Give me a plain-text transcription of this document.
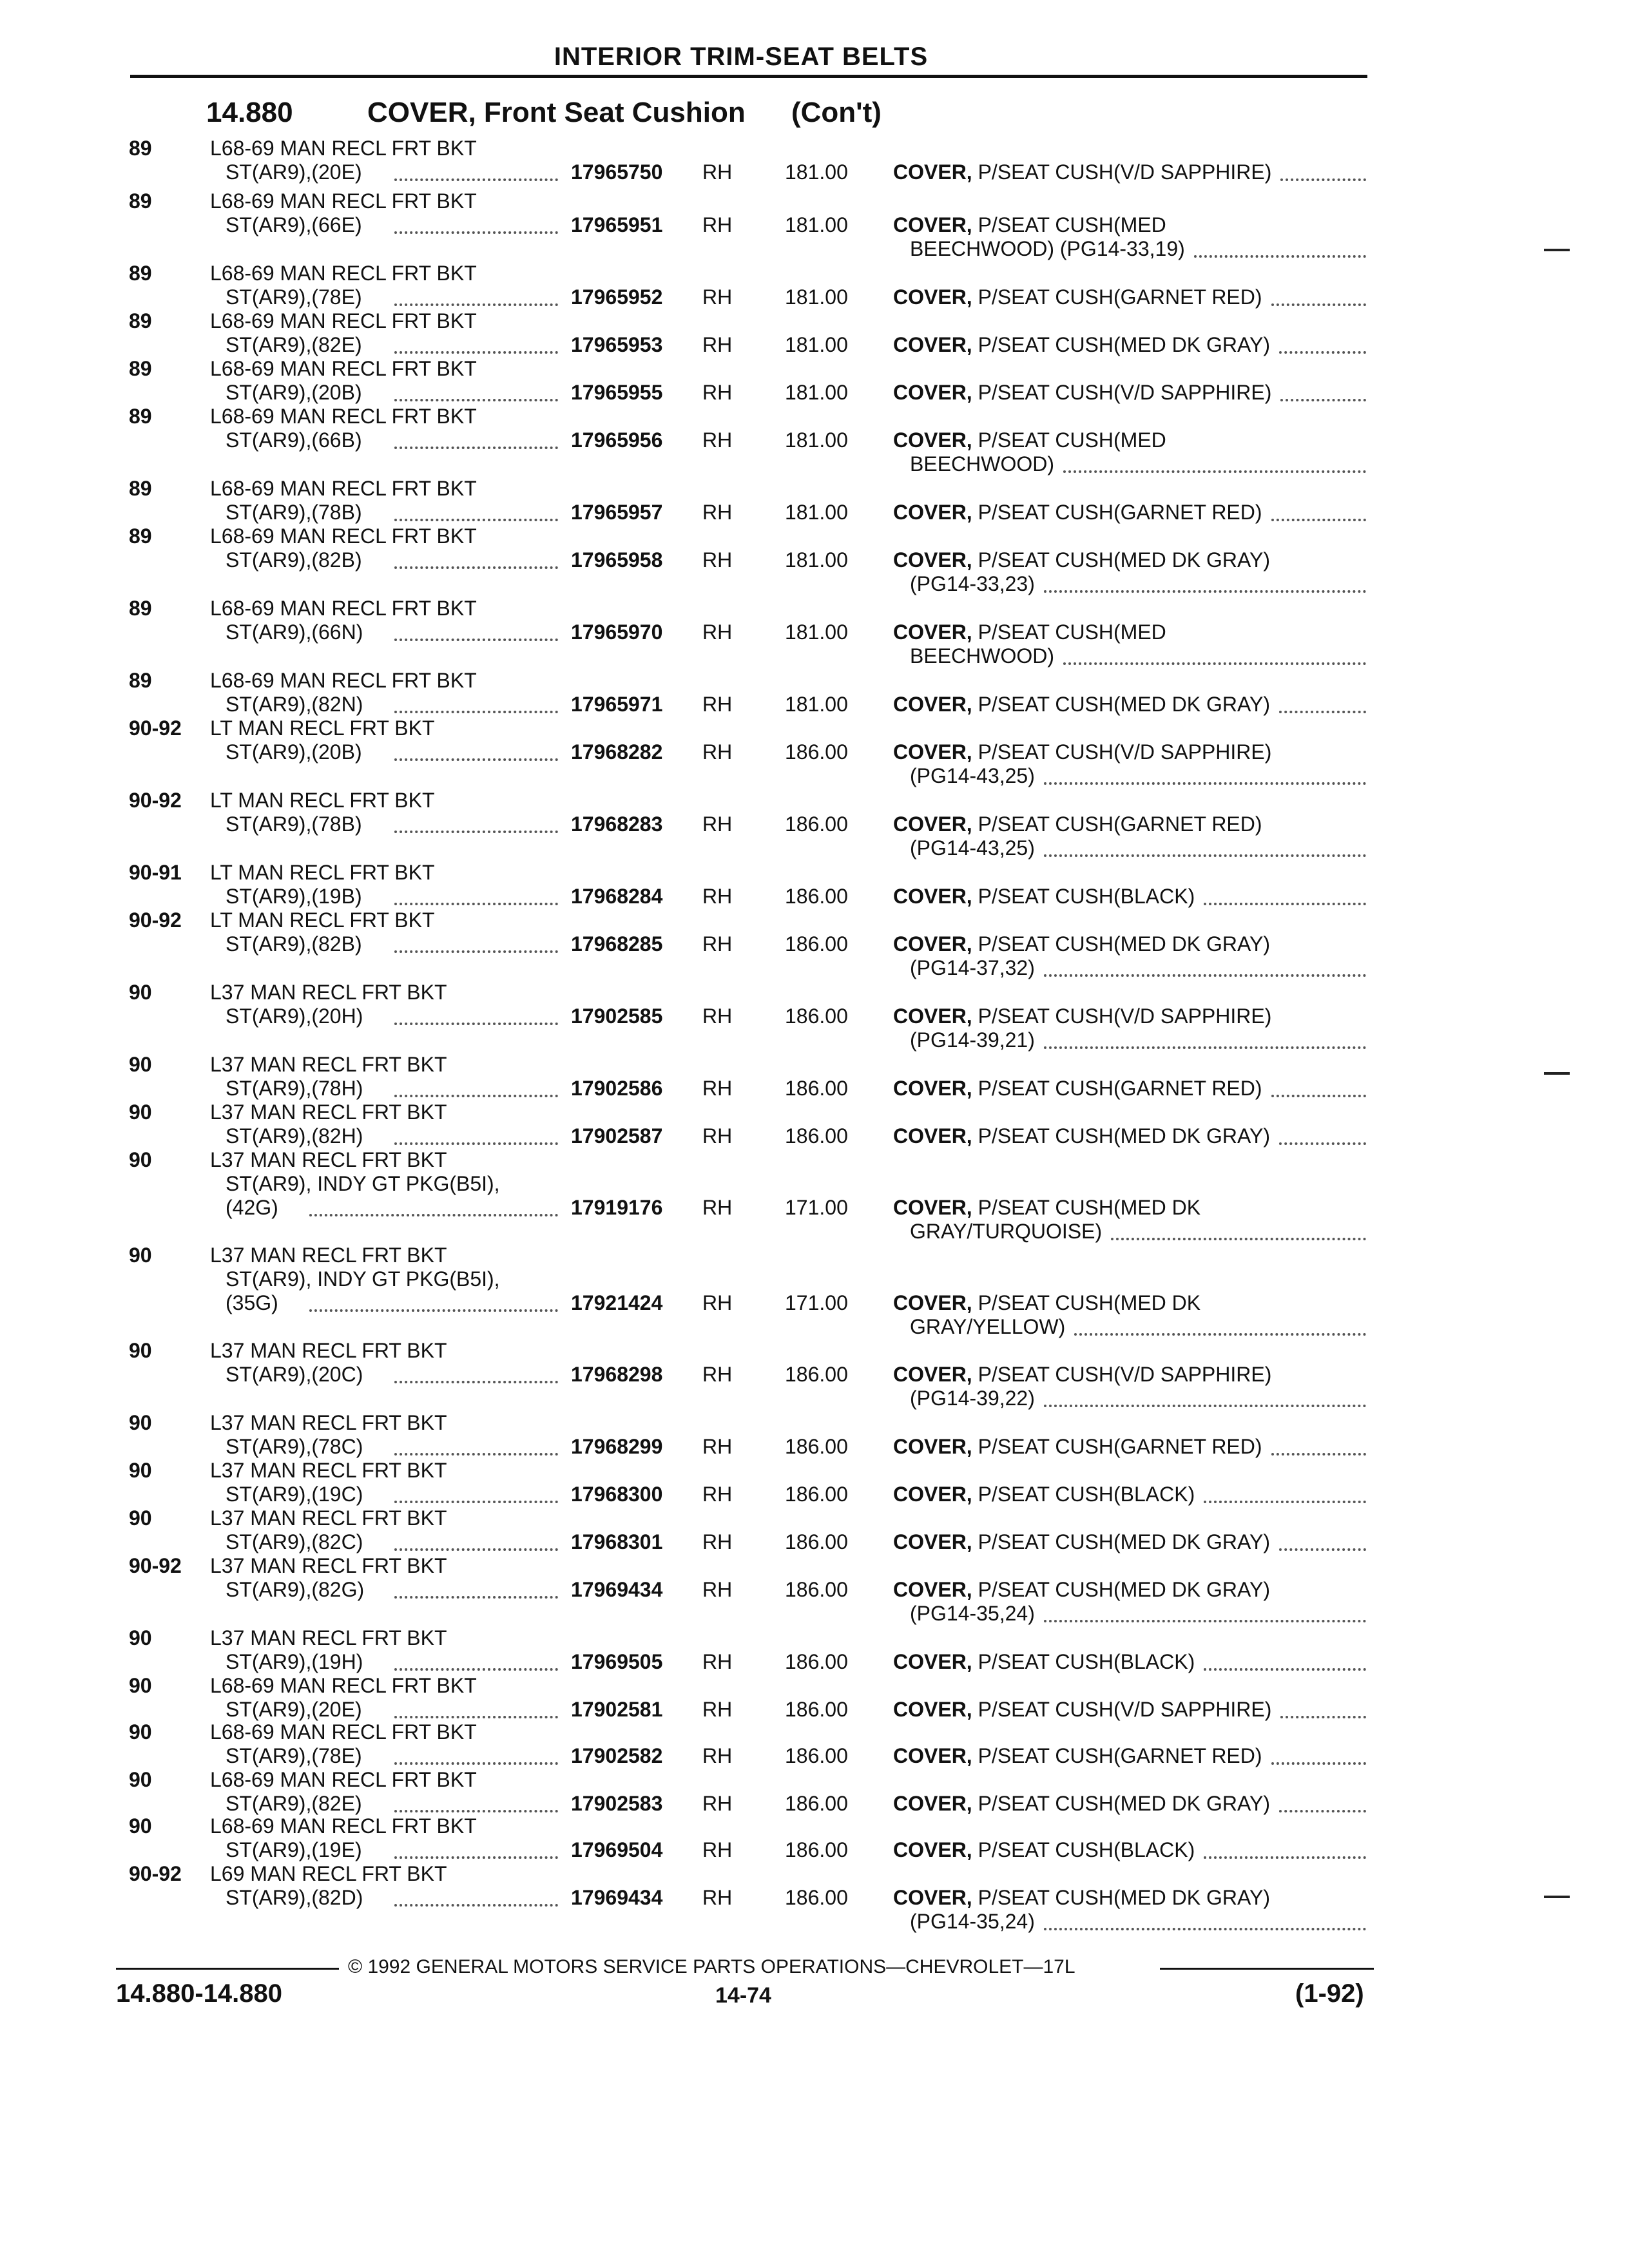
INTERIOR TRIM-SEAT BELTS
14.880	COVER, Front Seat Cushion (Con't)
89	L68-69 MAN RECL FRT BKT
ST(AR9),(20E)	17965750 RH	181.00 COVER, P/SEAT CUSH(V/D SAPPHIRE)
89	L68-69 MAN RECL FRT BKT
ST(AR9),(66E)	17965951 RH	181.00 COVER, P/SEAT CUSH(MED
BEECHWOOD) (PG14-33,19)
89	L68-69 MAN RECL FRT BKT
ST(AR9),(78E)	17965952 RH	181.00 COVER, P/SEAT CUSH(GARNET RED)
89	L68-69 MAN RECL FRT BKT
ST(AR9),(82E)	17965953 RH	181.00 COVER, P/SEAT CUSH(MED DK GRAY)
89	L68-69 MAN RECL FRT BKT
ST(AR9),(20B)	17965955 RH	181.00 COVER, P/SEAT CUSH(V/D SAPPHIRE)
89	L68-69 MAN RECL FRT BKT
ST(AR9),(66B)	17965956 RH	181.00 COVER, P/SEAT CUSH(MED
BEECHWOOD)
89	L68-69 MAN RECL FRT BKT
ST(AR9),(78B)	17965957 RH	181.00 COVER, P/SEAT CUSH(GARNET RED)
89	L68-69 MAN RECL FRT BKT
ST(AR9),(82B)	17965958 RH	181.00 COVER, P/SEAT CUSH(MED DK GRAY)
(PG14-33,23)
89	L68-69 MAN RECL FRT BKT
ST(AR9),(66N)	17965970 RH	181.00 COVER, P/SEAT CUSH(MED
BEECHWOOD)
89	L68-69 MAN RECL FRT BKT
ST(AR9),(82N)	17965971 RH	181.00 COVER, P/SEAT CUSH(MED DK GRAY)
90-92 LT MAN RECL FRT BKT
ST(AR9),(20B)	17968282 RH	186.00 COVER, P/SEAT CUSH(V/D SAPPHIRE)
(PG14-43,25)
90-92 LT MAN RECL FRT BKT
ST(AR9),(78B)	17968283 RH	186.00 COVER, P/SEAT CUSH(GARNET RED)
(PG14-43,25)
90-91 LT MAN RECL FRT BKT
ST(AR9),(19B)	17968284 RH	186.00 COVER, P/SEAT CUSH(BLACK)
90-92 LT MAN RECL FRT BKT
ST(AR9),(82B)	17968285 RH	186.00 COVER, P/SEAT CUSH(MED DK GRAY)
(PG14-37,32)
90	L37 MAN RECL FRT BKT
ST(AR9),(20H)	17902585 RH	186.00 COVER, P/SEAT CUSH(V/D SAPPHIRE)
(PG14-39,21)
90	L37 MAN RECL FRT BKT
ST(AR9),(78H)	17902586 RH	186.00 COVER, P/SEAT CUSH(GARNET RED)
90	L37 MAN RECL FRT BKT
ST(AR9),(82H)	17902587 RH	186.00 COVER, P/SEAT CUSH(MED DK GRAY)
90	L37 MAN RECL FRT BKT
ST(AR9), INDY GT PKG(B5I),
(42G)	17919176 RH	171.00 COVER, P/SEAT CUSH(MED DK
GRAY/TURQUOISE)
90	L37 MAN RECL FRT BKT
ST(AR9), INDY GT PKG(B5I),
(35G)	17921424 RH	171.00 COVER, P/SEAT CUSH(MED DK
GRAY/YELLOW)
90	L37 MAN RECL FRT BKT
ST(AR9),(20C)	17968298 RH	186.00 COVER, P/SEAT CUSH(V/D SAPPHIRE)
(PG14-39,22)
90	L37 MAN RECL FRT BKT
ST(AR9),(78C)	17968299 RH	186.00 COVER, P/SEAT CUSH(GARNET RED)
90	L37 MAN RECL FRT BKT
ST(AR9),(19C)	17968300 RH	186.00 COVER, P/SEAT CUSH(BLACK)
90	L37 MAN RECL FRT BKT
ST(AR9),(82C)	17968301 RH	186.00 COVER, P/SEAT CUSH(MED DK GRAY)
90-92 L37 MAN RECL FRT BKT
ST(AR9),(82G)	17969434 RH	186.00 COVER, P/SEAT CUSH(MED DK GRAY)
(PG14-35,24)
90	L37 MAN RECL FRT BKT
ST(AR9),(19H)	17969505 RH	186.00 COVER, P/SEAT CUSH(BLACK)
90	L68-69 MAN RECL FRT BKT
ST(AR9),(20E)	17902581 RH	186.00 COVER, P/SEAT CUSH(V/D SAPPHIRE)
90	L68-69 MAN RECL FRT BKT
ST(AR9),(78E)	17902582 RH	186.00 COVER, P/SEAT CUSH(GARNET RED)
90	L68-69 MAN RECL FRT BKT
ST(AR9),(82E)	17902583 RH	186.00 COVER, P/SEAT CUSH(MED DK GRAY)
90	L68-69 MAN RECL FRT BKT
ST(AR9),(19E)	17969504 RH	186.00 COVER, P/SEAT CUSH(BLACK)
90-92 L69 MAN RECL FRT BKT
ST(AR9),(82D)	17969434 RH	186.00 COVER, P/SEAT CUSH(MED DK GRAY)
(PG14-35,24)
© 1992 GENERAL MOTORS SERVICE PARTS OPERATIONS—CHEVROLET—17L
14.880-14.880	14-74	(1-92)
